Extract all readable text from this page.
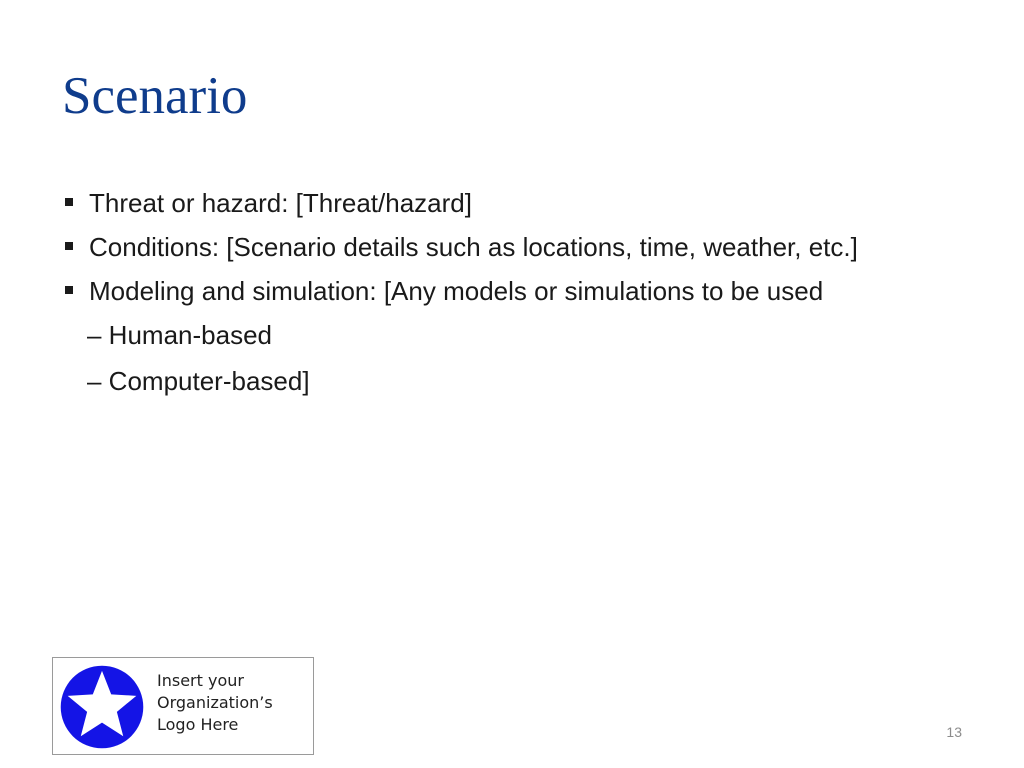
Scenario
Threat or hazard: [Threat/hazard]
Conditions: [Scenario details such as locations, time, weather, etc.]
Modeling and simulation: [Any models or simulations to be used
– Human-based
– Computer-based]
Insert your
Organization’s
Logo Here	13
